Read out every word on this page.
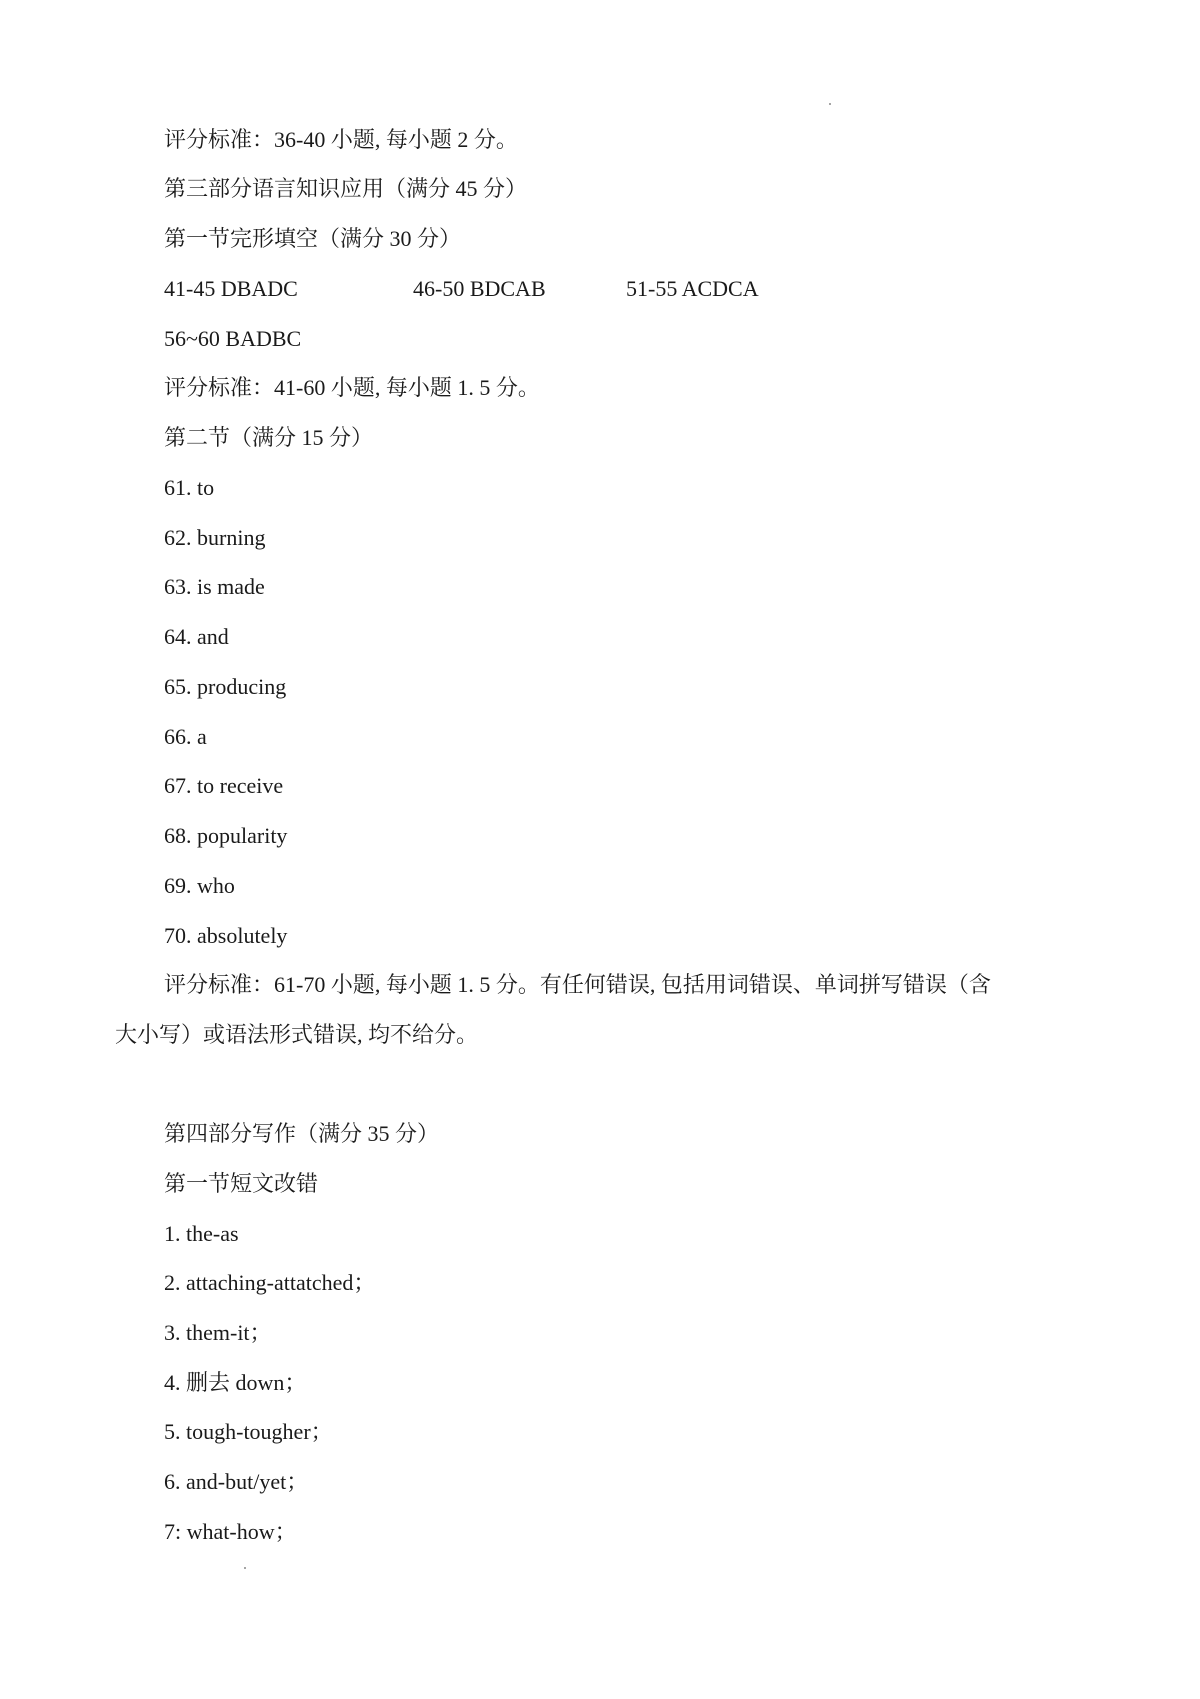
评分标准：36-40 小题, 每小题 2 分。
第三部分语言知识应用（满分 45 分）
第一节完形填空（满分 30 分）
41-45 DBADC	46-50 BDCAB	51-55 ACDCA
56~60 BADBC
评分标准：41-60 小题, 每小题 1. 5 分。
第二节（满分 15 分）
61. to
62. burning
63. is made
64. and
65. producing
66. a
67. to receive
68. popularity
69. who
70. absolutely
评分标准：61-70 小题, 每小题 1. 5 分。有任何错误, 包括用词错误、单词拼写错误（含
大小写）或语法形式错误, 均不给分。
第四部分写作（满分 35 分）
第一节短文改错
1. the-as
2. attaching-attatched；
3. them-it；
4. 删去 down；
5. tough-tougher；
6. and-but/yet；
7: what-how；
